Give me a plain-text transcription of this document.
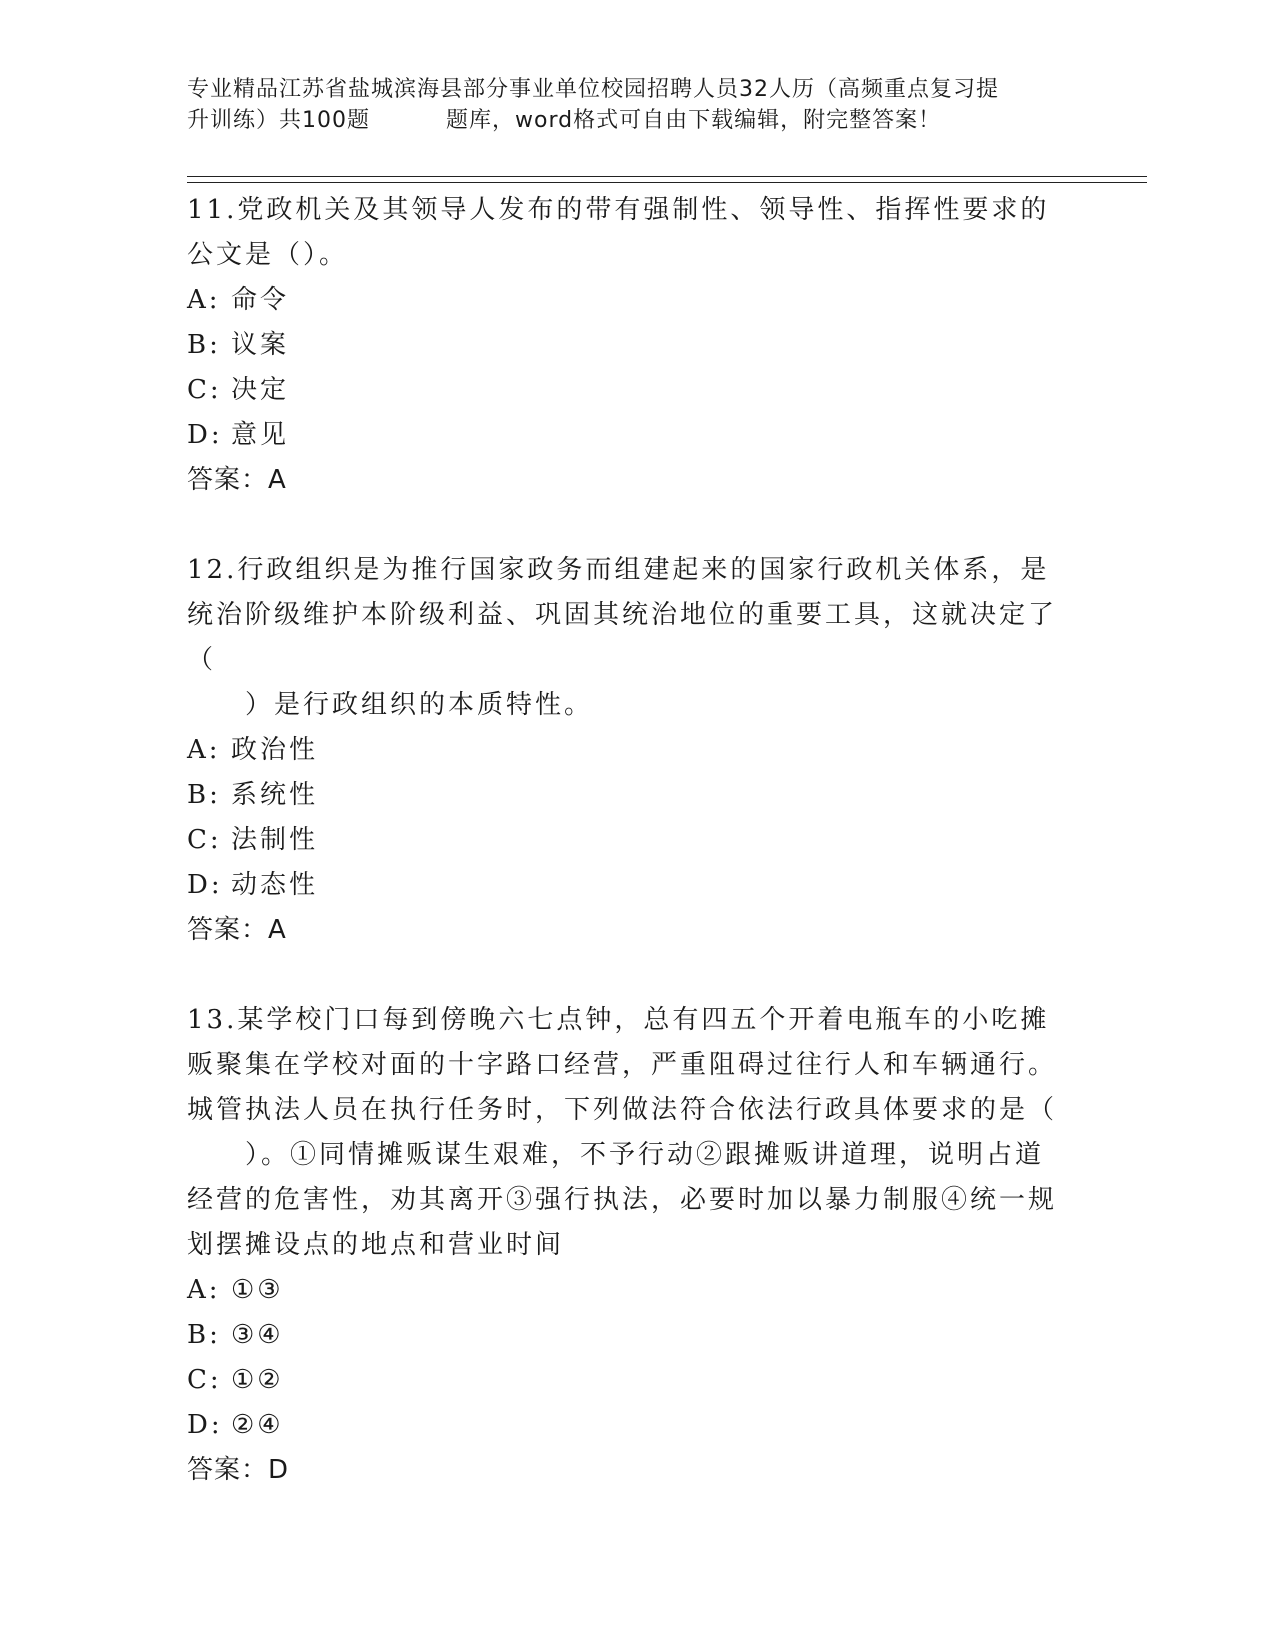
专业精品江苏省盐城滨海县部分事业单位校园招聘人员32人历（高频重点复习提
升训练）共100题	题库，word格式可自由下载编辑，附完整答案！
11.党政机关及其领导人发布的带有强制性、领导性、指挥性要求的公文是（）。
A: 命令
B: 议案
C: 决定
D: 意见
答案：A
12.行政组织是为推行国家政务而组建起来的国家行政机关体系，是统治阶级维护本阶级利益、巩固其统治地位的重要工具，这就决定了（
　　）是行政组织的本质特性。
A: 政治性
B: 系统性
C: 法制性
D: 动态性
答案：A
13.某学校门口每到傍晚六七点钟，总有四五个开着电瓶车的小吃摊贩聚集在学校对面的十字路口经营，严重阻碍过往行人和车辆通行。城管执法人员在执行任务时，下列做法符合依法行政具体要求的是（
　　）。①同情摊贩谋生艰难，不予行动②跟摊贩讲道理，说明占道经营的危害性，劝其离开③强行执法，必要时加以暴力制服④统一规划摆摊设点的地点和营业时间
A: ①③
B: ③④
C: ①②
D: ②④
答案：D
